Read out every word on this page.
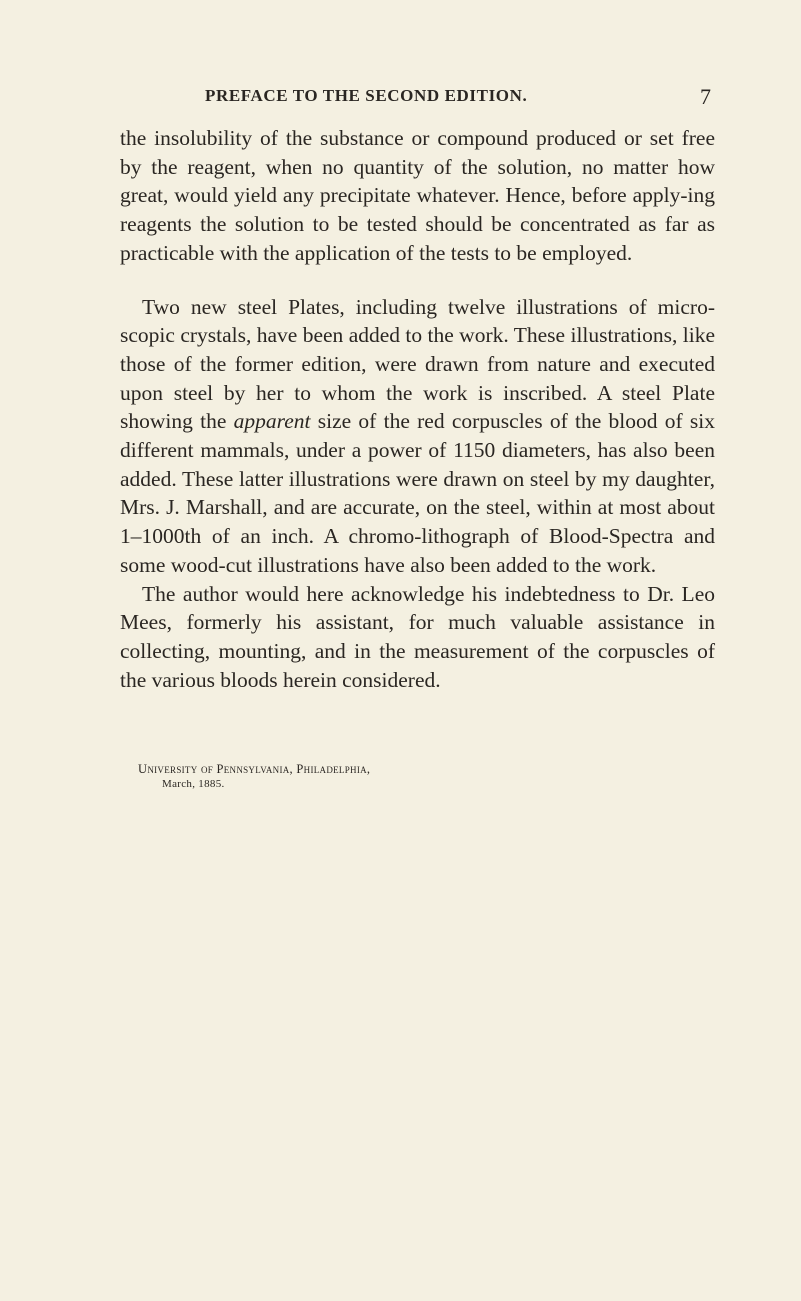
PREFACE TO THE SECOND EDITION.	7

the insolubility of the substance or compound produced or set free by the reagent, when no quantity of the solution, no matter how great, would yield any precipitate whatever. Hence, before apply-ing reagents the solution to be tested should be concentrated as far as practicable with the application of the tests to be employed.

Two new steel Plates, including twelve illustrations of micro-scopic crystals, have been added to the work. These illustrations, like those of the former edition, were drawn from nature and executed upon steel by her to whom the work is inscribed. A steel Plate showing the apparent size of the red corpuscles of the blood of six different mammals, under a power of 1150 diameters, has also been added. These latter illustrations were drawn on steel by my daughter, Mrs. J. Marshall, and are accurate, on the steel, within at most about 1–1000th of an inch. A chromo-lithograph of Blood-Spectra and some wood-cut illustrations have also been added to the work.

The author would here acknowledge his indebtedness to Dr. Leo Mees, formerly his assistant, for much valuable assistance in collecting, mounting, and in the measurement of the corpuscles of the various bloods herein considered.

University of Pennsylvania, Philadelphia,
March, 1885.
